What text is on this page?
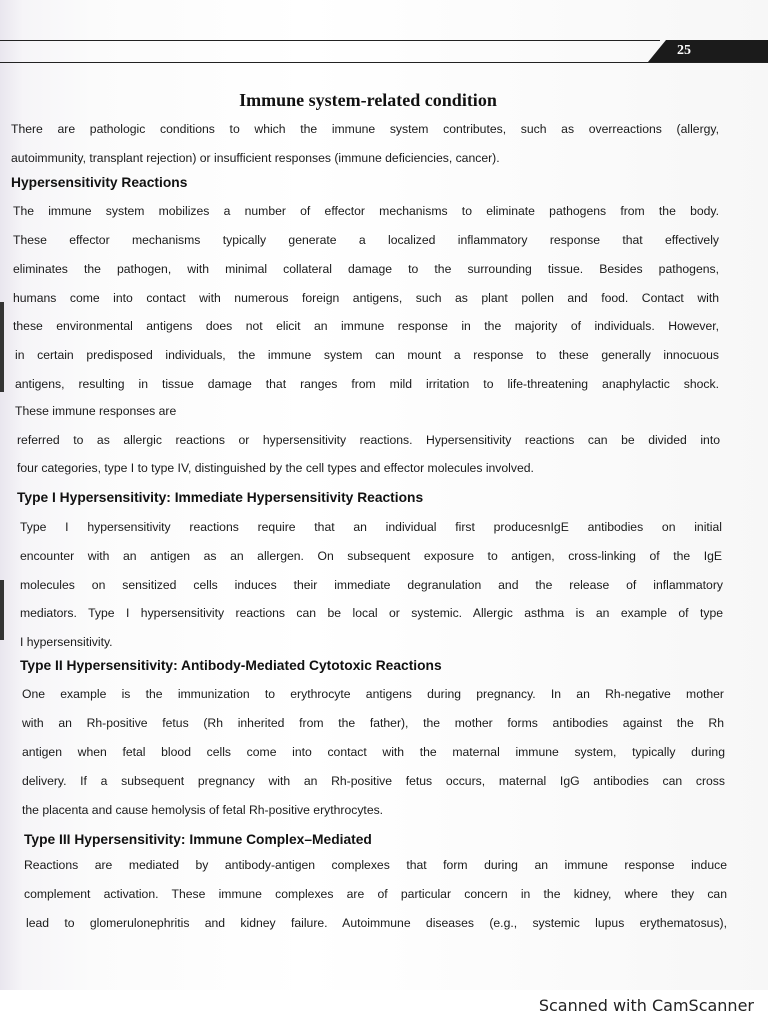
25
Immune system-related condition
There are pathologic conditions to which the immune system contributes, such as overreactions (allergy,
autoimmunity, transplant rejection) or insufficient responses (immune deficiencies, cancer).
Hypersensitivity Reactions
The immune system mobilizes a number of effector mechanisms to eliminate pathogens from the body.
These effector mechanisms typically generate a localized inflammatory response that effectively
eliminates the pathogen, with minimal collateral damage to the surrounding tissue. Besides pathogens,
humans come into contact with numerous foreign antigens, such as plant pollen and food. Contact with
these environmental antigens does not elicit an immune response in the majority of individuals. However,
in certain predisposed individuals, the immune system can mount a response to these generally innocuous
antigens, resulting in tissue damage that ranges from mild irritation to life-threatening anaphylactic shock.
These immune responses are
referred to as allergic reactions or hypersensitivity reactions. Hypersensitivity reactions can be divided into
four categories, type I to type IV, distinguished by the cell types and effector molecules involved.
Type I Hypersensitivity: Immediate Hypersensitivity Reactions
Type I hypersensitivity reactions require that an individual first producesnIgE antibodies on initial
encounter with an antigen as an allergen. On subsequent exposure to antigen, cross-linking of the IgE
molecules on sensitized cells induces their immediate degranulation and the release of inflammatory
mediators. Type I hypersensitivity reactions can be local or systemic. Allergic asthma is an example of type
I hypersensitivity.
Type II Hypersensitivity: Antibody-Mediated Cytotoxic Reactions
One example is the immunization to erythrocyte antigens during pregnancy. In an Rh-negative mother
with an Rh-positive fetus (Rh inherited from the father), the mother forms antibodies against the Rh
antigen when fetal blood cells come into contact with the maternal immune system, typically during
delivery. If a subsequent pregnancy with an Rh-positive fetus occurs, maternal IgG antibodies can cross
the placenta and cause hemolysis of fetal Rh-positive erythrocytes.
Type III Hypersensitivity: Immune Complex–Mediated
Reactions are mediated by antibody-antigen complexes that form during an immune response induce
complement activation. These immune complexes are of particular concern in the kidney, where they can
lead to glomerulonephritis and kidney failure. Autoimmune diseases (e.g., systemic lupus erythematosus),
Scanned with CamScanner
